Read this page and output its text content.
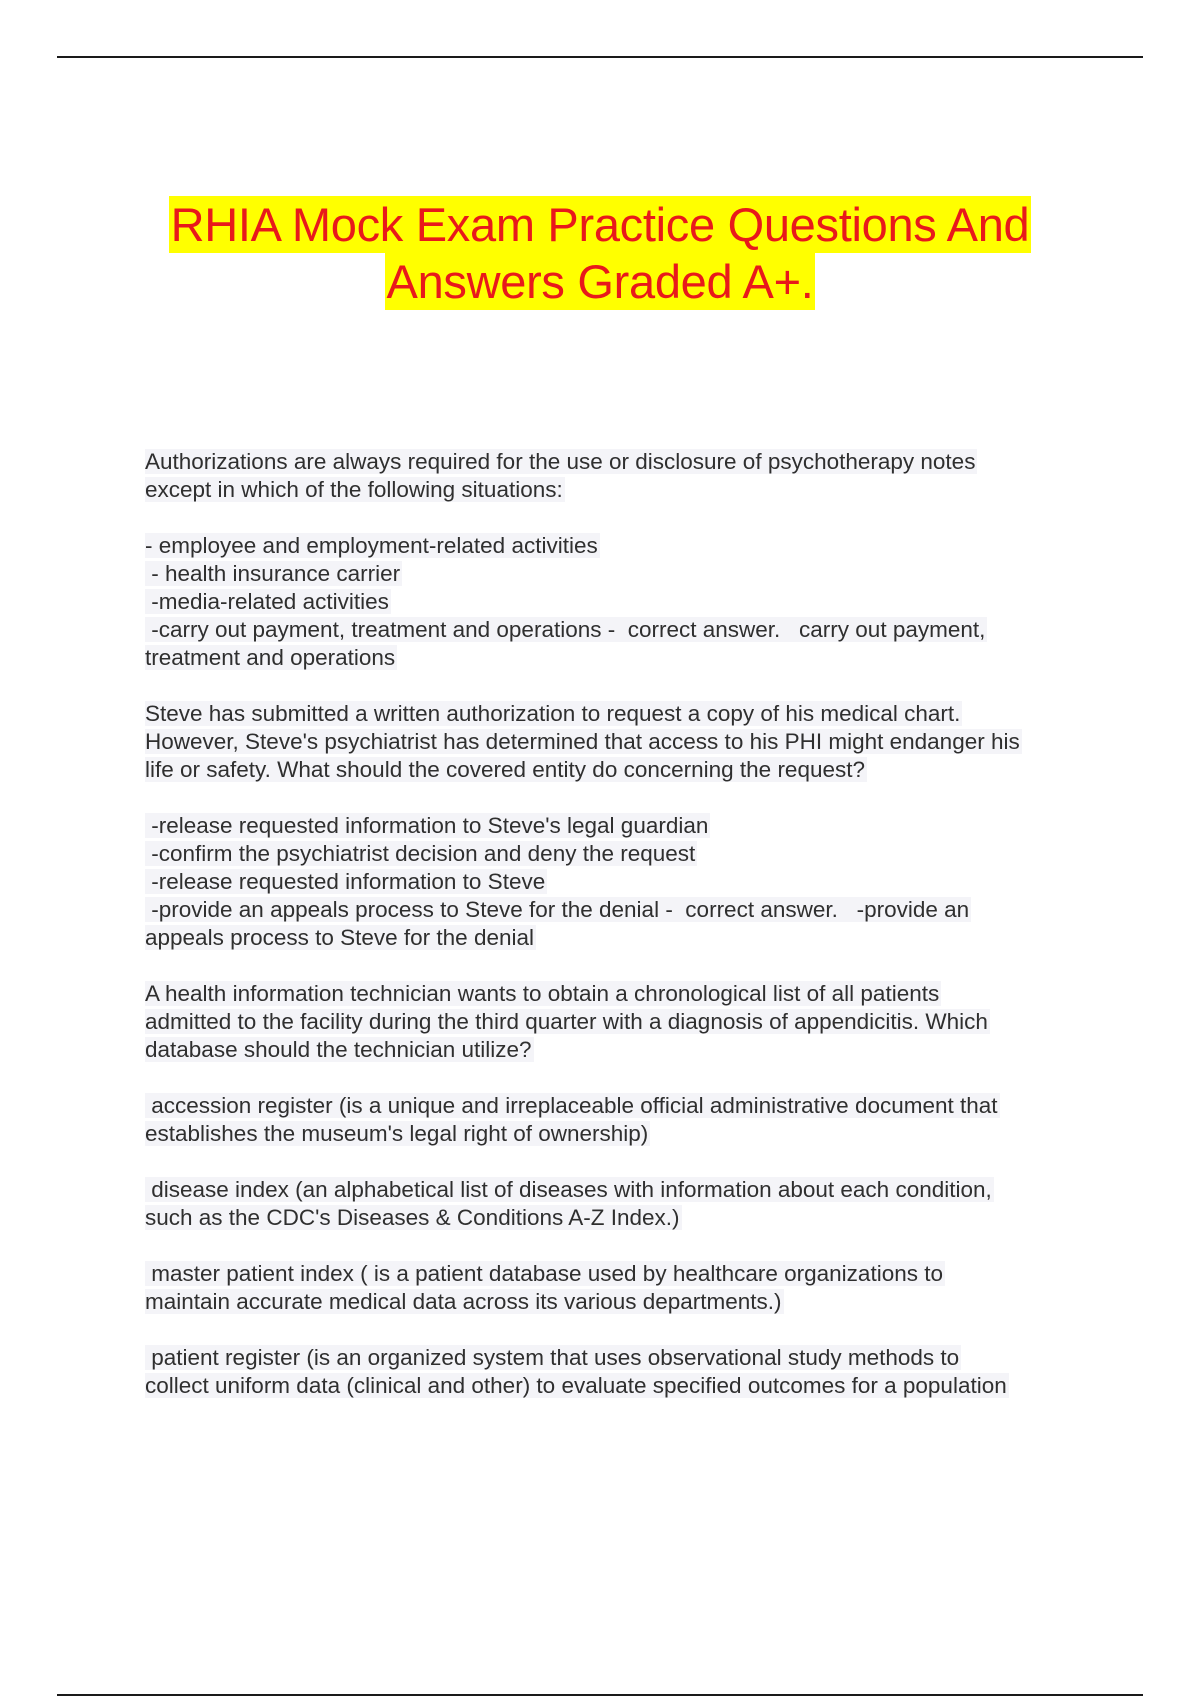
RHIA Mock Exam Practice Questions And
Answers Graded A+.
Authorizations are always required for the use or disclosure of psychotherapy notes
except in which of the following situations:
- employee and employment-related activities
- health insurance carrier
-media-related activities
-carry out payment, treatment and operations -  correct answer.   carry out payment,
treatment and operations
Steve has submitted a written authorization to request a copy of his medical chart.
However, Steve's psychiatrist has determined that access to his PHI might endanger his
life or safety. What should the covered entity do concerning the request?
-release requested information to Steve's legal guardian
-confirm the psychiatrist decision and deny the request
-release requested information to Steve
-provide an appeals process to Steve for the denial -  correct answer.   -provide an
appeals process to Steve for the denial
A health information technician wants to obtain a chronological list of all patients
admitted to the facility during the third quarter with a diagnosis of appendicitis. Which
database should the technician utilize?
accession register (is a unique and irreplaceable official administrative document that
establishes the museum's legal right of ownership)
disease index (an alphabetical list of diseases with information about each condition,
such as the CDC's Diseases & Conditions A-Z Index.)
master patient index ( is a patient database used by healthcare organizations to
maintain accurate medical data across its various departments.)
patient register (is an organized system that uses observational study methods to
collect uniform data (clinical and other) to evaluate specified outcomes for a population
